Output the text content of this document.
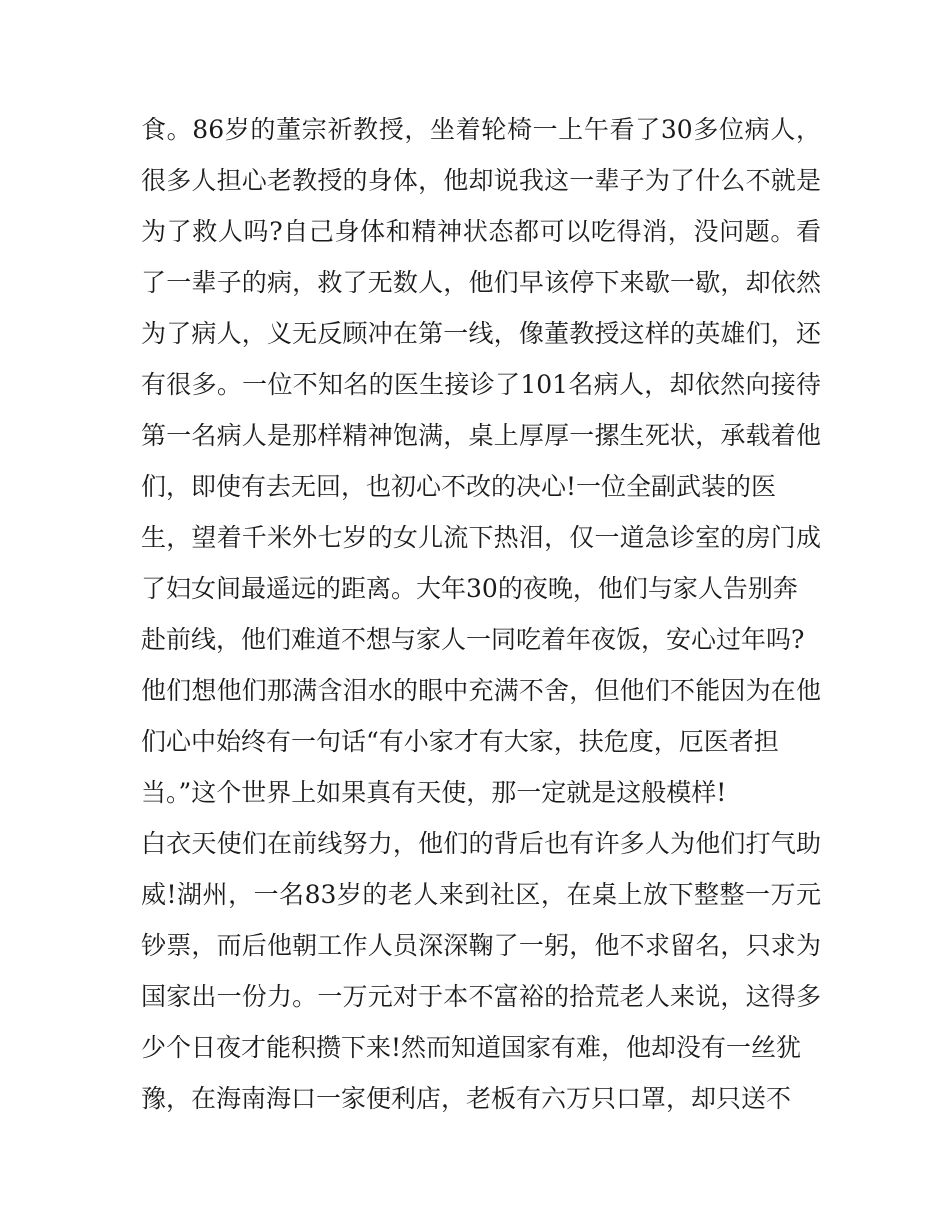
食。86岁的董宗祈教授，坐着轮椅一上午看了30多位病人，
很多人担心老教授的身体，他却说我这一辈子为了什么不就是
为了救人吗?自己身体和精神状态都可以吃得消，没问题。看
了一辈子的病，救了无数人，他们早该停下来歇一歇，却依然
为了病人，义无反顾冲在第一线，像董教授这样的英雄们，还
有很多。一位不知名的医生接诊了101名病人，却依然向接待
第一名病人是那样精神饱满，桌上厚厚一摞生死状，承载着他
们，即使有去无回，也初心不改的决心!一位全副武装的医
生，望着千米外七岁的女儿流下热泪，仅一道急诊室的房门成
了妇女间最遥远的距离。大年30的夜晚，他们与家人告别奔
赴前线，他们难道不想与家人一同吃着年夜饭，安心过年吗?
他们想他们那满含泪水的眼中充满不舍，但他们不能因为在他
们心中始终有一句话“有小家才有大家，扶危度，厄医者担
当。”这个世界上如果真有天使，那一定就是这般模样!
白衣天使们在前线努力，他们的背后也有许多人为他们打气助
威!湖州，一名83岁的老人来到社区，在桌上放下整整一万元
钞票，而后他朝工作人员深深鞠了一躬，他不求留名，只求为
国家出一份力。一万元对于本不富裕的拾荒老人来说，这得多
少个日夜才能积攒下来!然而知道国家有难，他却没有一丝犹
豫，在海南海口一家便利店，老板有六万只口罩，却只送不
